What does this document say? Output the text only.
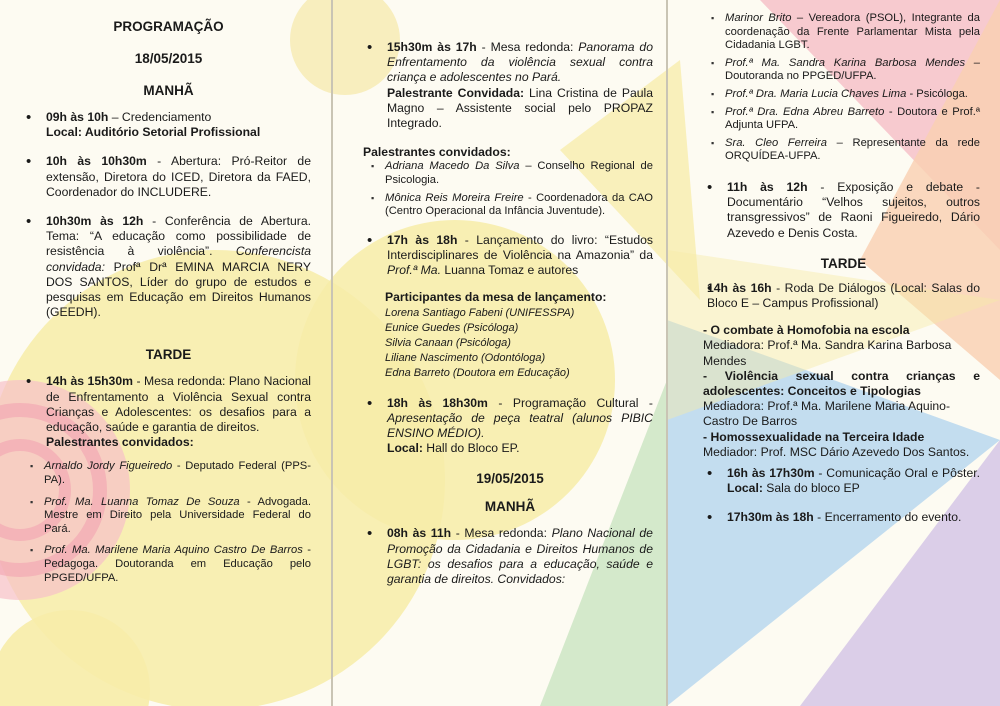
PROGRAMAÇÃO
18/05/2015
MANHÃ
• 09h às 10h – Credenciamento
Local: Auditório Setorial Profissional
• 10h às 10h30m - Abertura: Pró-Reitor de extensão, Diretora do ICED, Diretora da FAED, Coordenador do INCLUDERE.
• 10h30m às 12h - Conferência de Abertura. Tema: “A educação como possibilidade de resistência à violência”. Conferencista convidada: Profª Drª EMINA MARCIA NERY DOS SANTOS, Líder do grupo de estudos e pesquisas em Educação em Direitos Humanos (GEEDH).
TARDE
• 14h às 15h30m - Mesa redonda: Plano Nacional de Enfrentamento a Violência Sexual contra Crianças e Adolescentes: os desafios para a educação, saúde e garantia de direitos.

Palestrantes convidados:

▪ Arnaldo Jordy Figueiredo - Deputado Federal (PPS-PA).
▪ Prof. Ma. Luanna Tomaz De Souza - Advogada. Mestre em Direito pela Universidade Federal do Pará.
▪ Prof. Ma. Marilene Maria Aquino Castro De Barros - Pedagoga. Doutoranda em Educação pelo PPGED/UFPA.
• 15h30m às 17h - Mesa redonda: Panorama do Enfrentamento da violência sexual contra criança e adolescentes no Pará.
Palestrante Convidada: Lina Cristina de Paula Magno – Assistente social pelo PROPAZ Integrado.

Palestrantes convidados:

▪ Adriana Macedo Da Silva – Conselho Regional de Psicologia.
▪ Mônica Reis Moreira Freire - Coordenadora da CAO (Centro Operacional da Infância Juventude).
• 17h às 18h - Lançamento do livro: “Estudos Interdisciplinares de Violência na Amazonia” da Prof.ª Ma. Luanna Tomaz e autores

Participantes da mesa de lançamento:

Lorena Santiago Fabeni (UNIFESSPA)

Eunice Guedes (Psicóloga)

Silvia Canaan (Psicóloga)

Liliane Nascimento (Odontóloga)

Edna Barreto (Doutora em Educação)

• 18h às 18h30m - Programação Cultural - Apresentação de peça teatral (alunos PIBIC ENSINO MÉDIO).
Local: Hall do Bloco EP.
19/05/2015
MANHÃ
• 08h às 11h - Mesa redonda: Plano Nacional de Promoção da Cidadania e Direitos Humanos de LGBT: os desafios para a educação, saúde e garantia de direitos. Convidados:
▪ Marinor Brito – Vereadora (PSOL), Integrante da coordenação da Frente Parlamentar Mista pela Cidadania LGBT.
▪ Prof.ª Ma. Sandra Karina Barbosa Mendes – Doutoranda no PPGED/UFPA.
▪ Prof.ª Dra. Maria Lucia Chaves Lima - Psicóloga.
▪ Prof.ª Dra. Edna Abreu Barreto - Doutora e Prof.ª Adjunta UFPA.
▪ Sra. Cleo Ferreira – Representante da rede ORQUÍDEA-UFPA.
• 11h às 12h - Exposição e debate - Documentário “Velhos sujeitos, outros transgressivos” de Raoni Figueiredo, Dário Azevedo e Denis Costa.
TARDE
• 14h às 16h - Roda De Diálogos (Local: Salas do Bloco E – Campus Profissional)

- O combate à Homofobia na escola

Mediadora: Prof.ª Ma. Sandra Karina Barbosa Mendes

- Violência sexual contra crianças e adolescentes: Conceitos e Tipologias

Mediadora: Prof.ª Ma. Marilene Maria Aquino-Castro De Barros

- Homossexualidade na Terceira Idade

Mediador: Prof. MSC Dário Azevedo Dos Santos.

• 16h às 17h30m - Comunicação Oral e Pôster. Local: Sala do bloco EP
• 17h30m às 18h - Encerramento do evento.
